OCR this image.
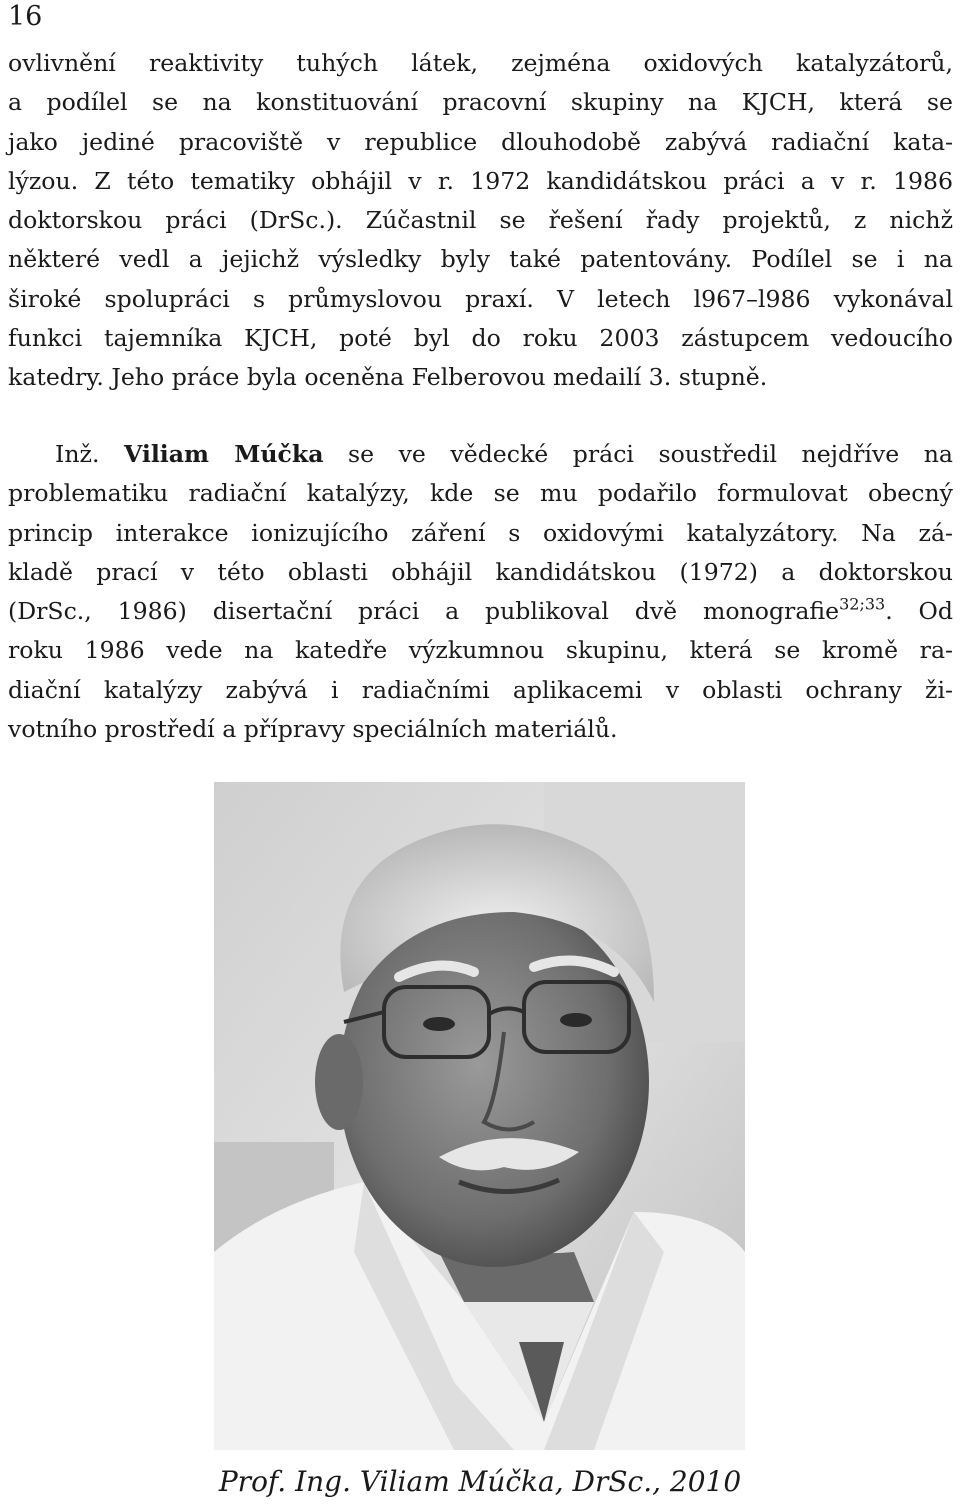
16
ovlivnění reaktivity tuhých látek, zejména oxidových katalyzátorů,
a podílel se na konstituování pracovní skupiny na KJCH, která se
jako jediné pracoviště v republice dlouhodobě zabývá radiační kata-
lýzou. Z této tematiky obhájil v r. 1972 kandidátskou práci a v r. 1986
doktorskou práci (DrSc.). Zúčastnil se řešení řady projektů, z nichž
některé vedl a jejichž výsledky byly také patentovány. Podílel se i na
široké spolupráci s průmyslovou praxí. V letech l967–l986 vykonával
funkci tajemníka KJCH, poté byl do roku 2003 zástupcem vedoucího
katedry. Jeho práce byla oceněna Felberovou medailí 3. stupně.
Inž. Viliam Múčka se ve vědecké práci soustředil nejdříve na
problematiku radiační katalýzy, kde se mu podařilo formulovat obecný
princip interakce ionizujícího záření s oxidovými katalyzátory. Na zá-
kladě prací v této oblasti obhájil kandidátskou (1972) a doktorskou
(DrSc., 1986) disertační práci a publikoval dvě monografie$^{32;33}$. Od
roku 1986 vede na katedře výzkumnou skupinu, která se kromě ra-
diační katalýzy zabývá i radiačními aplikacemi v oblasti ochrany ži-
votního prostředí a přípravy speciálních materiálů.
Prof. Ing. Viliam Múčka, DrSc., 2010
